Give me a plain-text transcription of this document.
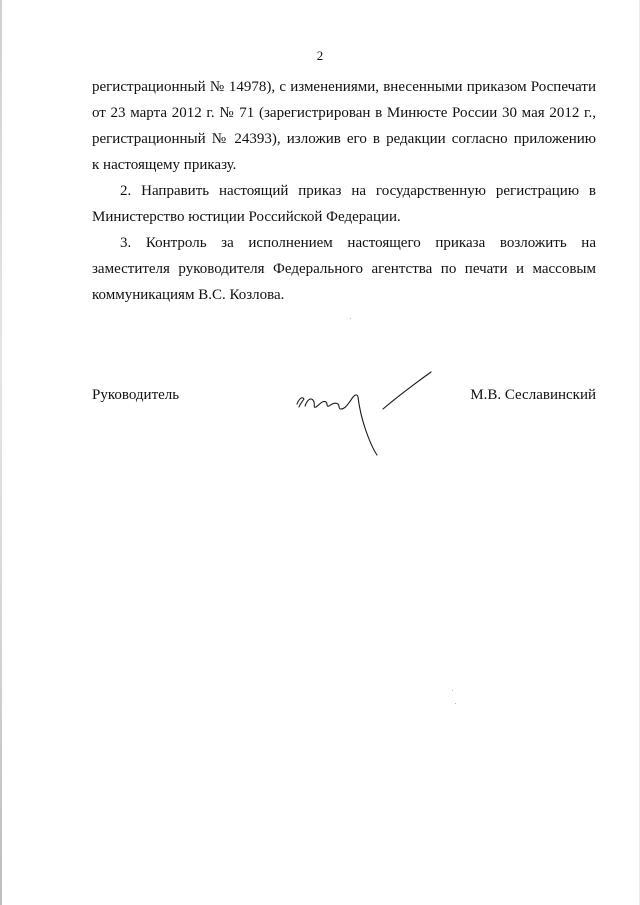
2
регистрационный № 14978), с изменениями, внесенными приказом Роспечати
от 23 марта 2012 г. № 71 (зарегистрирован в Минюсте России 30 мая 2012 г.,
регистрационный № 24393), изложив его в редакции согласно приложению
к настоящему приказу.
2. Направить настоящий приказ на государственную регистрацию в
Министерство юстиции Российской Федерации.
3. Контроль за исполнением настоящего приказа возложить на
заместителя руководителя Федерального агентства по печати и массовым
коммуникациям В.С. Козлова.
Руководитель	М.В. Сеславинский
